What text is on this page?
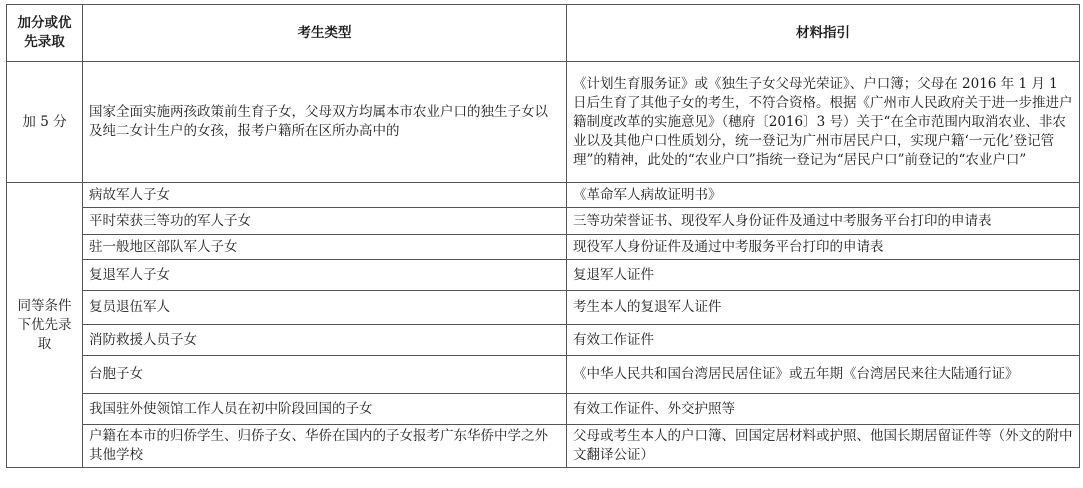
加分或优先录取	考生类型	材料指引
加 5 分	国家全面实施两孩政策前生育子女，父母双方均属本市农业户口的独生子女以及纯二女计生户的女孩，报考户籍所在区所办高中的	《计划生育服务证》或《独生子女父母光荣证》、户口簿；父母在 2016 年 1 月 1 日后生育了其他子女的考生，不符合资格。根据《广州市人民政府关于进一步推进户籍制度改革的实施意见》（穗府〔2016〕3 号）关于“在全市范围内取消农业、非农业以及其他户口性质划分，统一登记为广州市居民户口，实现户籍‘一元化’登记管理”的精神，此处的“农业户口”指统一登记为“居民户口”前登记的“农业户口”
同等条件下优先录取	病故军人子女	《革命军人病故证明书》
	平时荣获三等功的军人子女	三等功荣誉证书、现役军人身份证件及通过中考服务平台打印的申请表
	驻一般地区部队军人子女	现役军人身份证件及通过中考服务平台打印的申请表
	复退军人子女	复退军人证件
	复员退伍军人	考生本人的复退军人证件
	消防救援人员子女	有效工作证件
	台胞子女	《中华人民共和国台湾居民居住证》或五年期《台湾居民来往大陆通行证》
	我国驻外使领馆工作人员在初中阶段回国的子女	有效工作证件、外交护照等
	户籍在本市的归侨学生、归侨子女、华侨在国内的子女报考广东华侨中学之外其他学校	父母或考生本人的户口簿、回国定居材料或护照、他国长期居留证件等（外文的附中文翻译公证）
